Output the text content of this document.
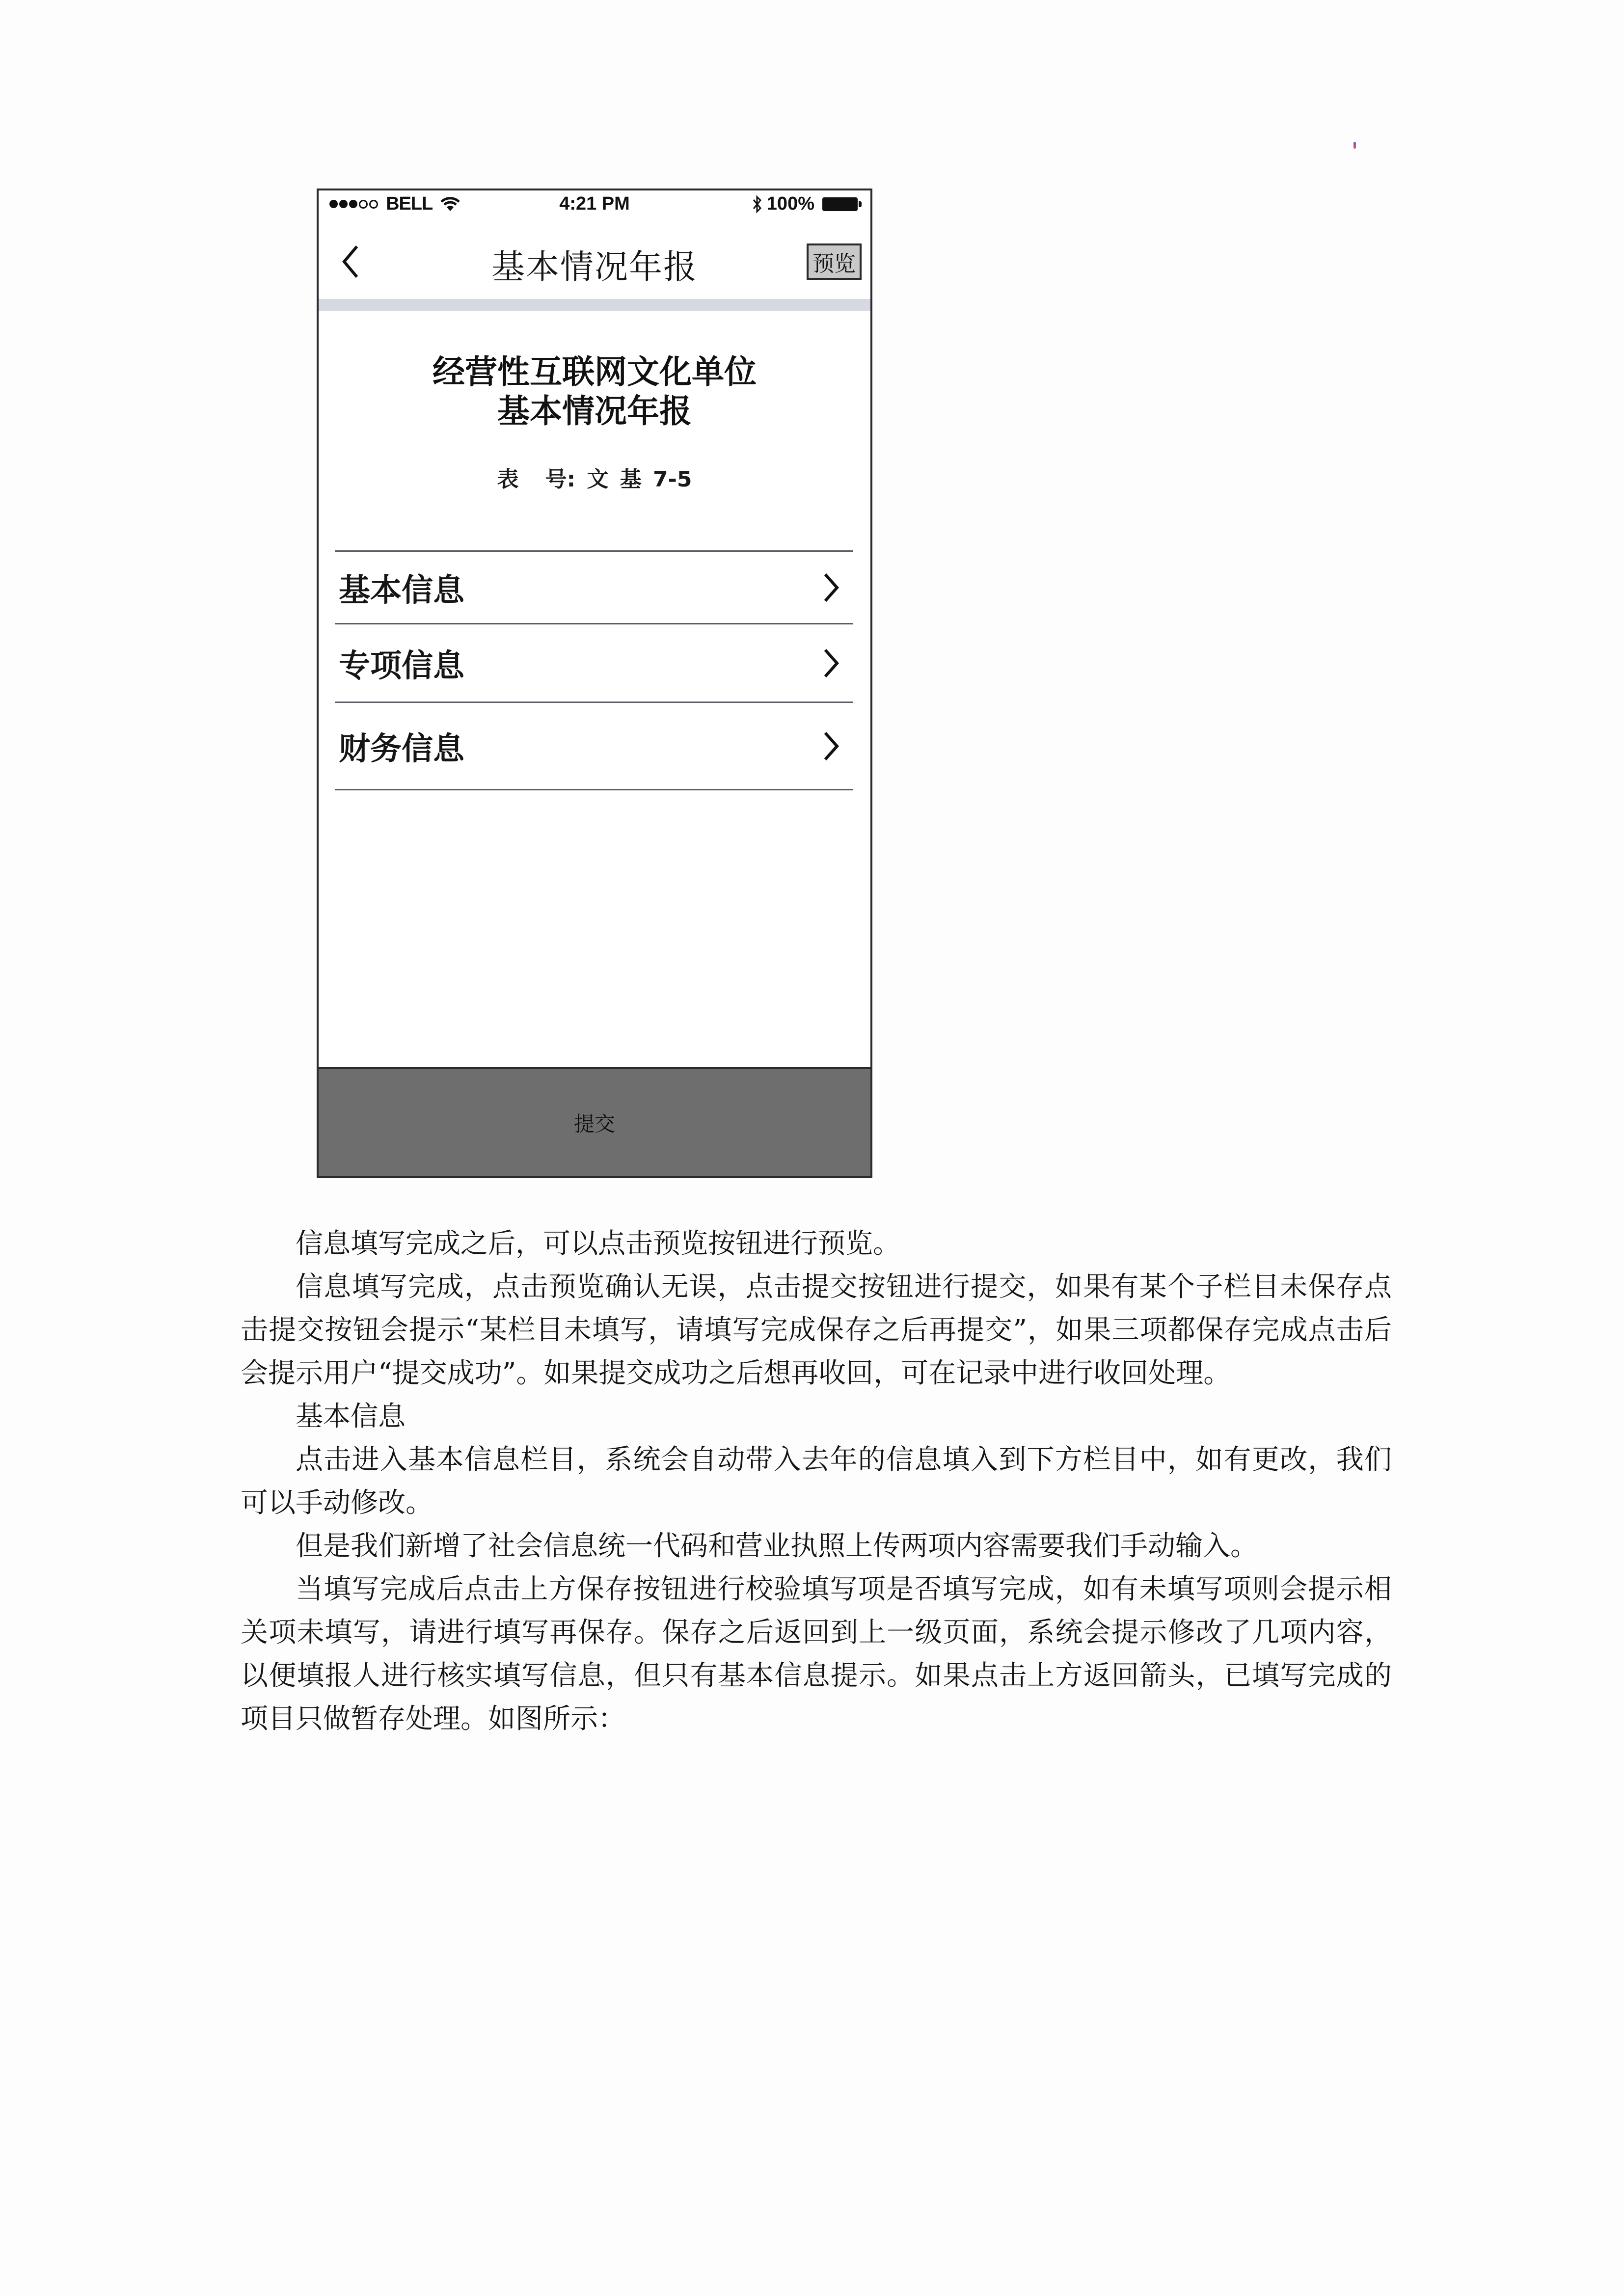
BELL	4:21 PM	100%
基本情况年报	预览
经营性互联网文化单位
基本情况年报
表 号: 文 基 7-5
基本信息
专项信息
财务信息
提交

信息填写完成之后，可以点击预览按钮进行预览。

信息填写完成，点击预览确认无误，点击提交按钮进行提交，如果有某个子栏目未保存点击提交按钮会提示“某栏目未填写，请填写完成保存之后再提交”，如果三项都保存完成点击后会提示用户“提交成功”。如果提交成功之后想再收回，可在记录中进行收回处理。

基本信息

点击进入基本信息栏目，系统会自动带入去年的信息填入到下方栏目中，如有更改，我们可以手动修改。

但是我们新增了社会信息统一代码和营业执照上传两项内容需要我们手动输入。

当填写完成后点击上方保存按钮进行校验填写项是否填写完成，如有未填写项则会提示相关项未填写，请进行填写再保存。保存之后返回到上一级页面，系统会提示修改了几项内容，以便填报人进行核实填写信息，但只有基本信息提示。如果点击上方返回箭头，已填写完成的项目只做暂存处理。如图所示：
